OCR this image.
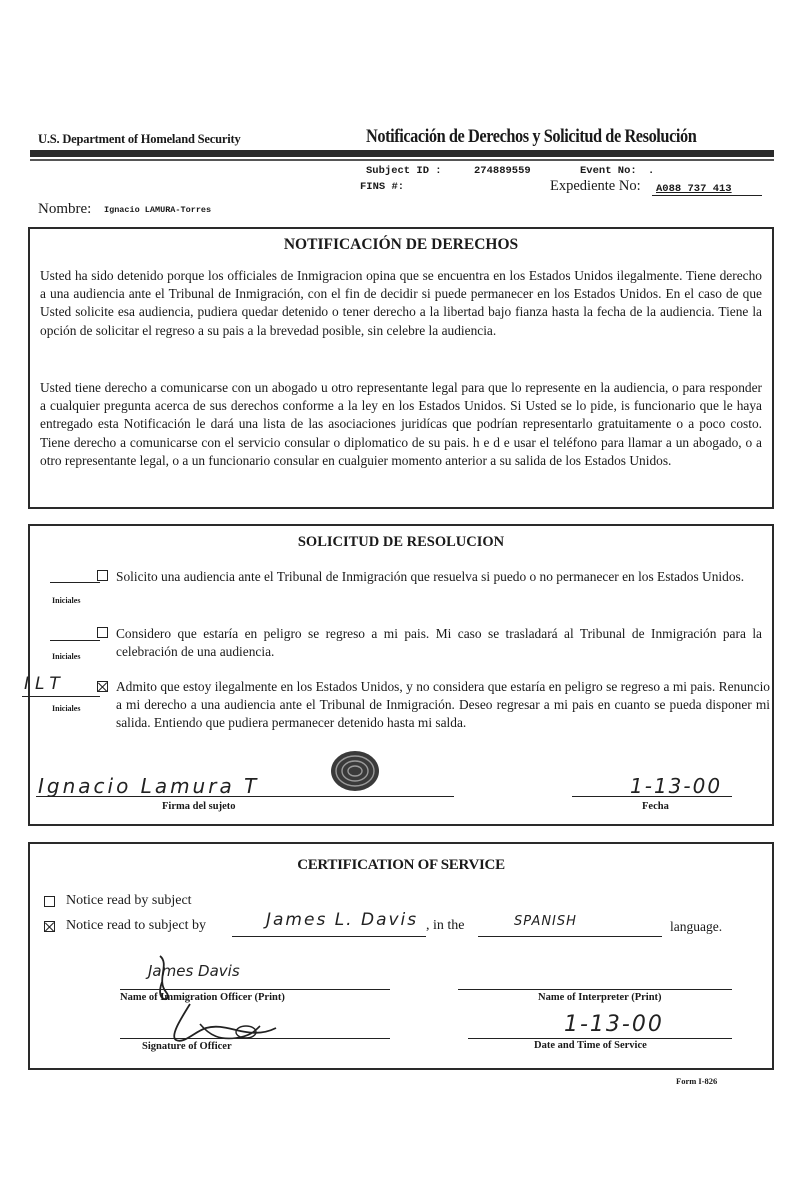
U.S. Department of Homeland Security	Notificación de Derechos y Solicitud de Resolución
Subject ID :	274889559	Event No: .
FINS #:	Expediente No: A088 737 413
Nombre: Ignacio LAMURA-Torres
NOTIFICACIÓN DE DERECHOS
Usted ha sido detenido porque los officiales de Inmigracion opina que se encuentra en los Estados Unidos ilegalmente. Tiene derecho a una audiencia ante el Tribunal de Inmigración, con el fin de decidir si puede permanecer en los Estados Unidos. En el caso de que Usted solicite esa audiencia, pudiera quedar detenido o tener derecho a la libertad bajo fianza hasta la fecha de la audiencia. Tiene la opción de solicitar el regreso a su pais a la brevedad posible, sin celebre la audiencia.
Usted tiene derecho a comunicarse con un abogado u otro representante legal para que lo represente en la audiencia, o para responder a cualquier pregunta acerca de sus derechos conforme a la ley en los Estados Unidos. Si Usted se lo pide, is funcionario que le haya entregado esta Notificación le dará una lista de las asociaciones juridícas que podrían representarlo gratuitamente o a poco costo. Tiene derecho a comunicarse con el servicio consular o diplomatico de su pais. h e d e usar el teléfono para llamar a un abogado, o a otro representante legal, o a un funcionario consular en cualguier momento anterior a su salida de los Estados Unidos.
SOLICITUD DE RESOLUCION
Iniciales
Solicito una audiencia ante el Tribunal de Inmigración que resuelva si puedo o no permanecer en los Estados Unidos.
Iniciales
Considero que estaría en peligro se regreso a mi pais. Mi caso se trasladará al Tribunal de Inmigración para la celebración de una audiencia.
ILT
Iniciales
Admito que estoy ilegalmente en los Estados Unidos, y no considera que estaría en peligro se regreso a mi pais. Renuncio a mi derecho a una audiencia ante el Tribunal de Inmigración. Deseo regresar a mi pais en cuanto se pueda disponer mi salida. Entiendo que pudiera permanecer detenido hasta mi salda.
Ignacio Lamura T
Firma del sujeto
1-13-00
Fecha
CERTIFICATION OF SERVICE
Notice read by subject
Notice read to subject by	James L. Davis , in the	SPANISH	language.
James Davis
Name of Immigration Officer (Print)	Name of Interpreter (Print)
Signature of Officer
1-13-00
Date and Time of Service
Form I-826
